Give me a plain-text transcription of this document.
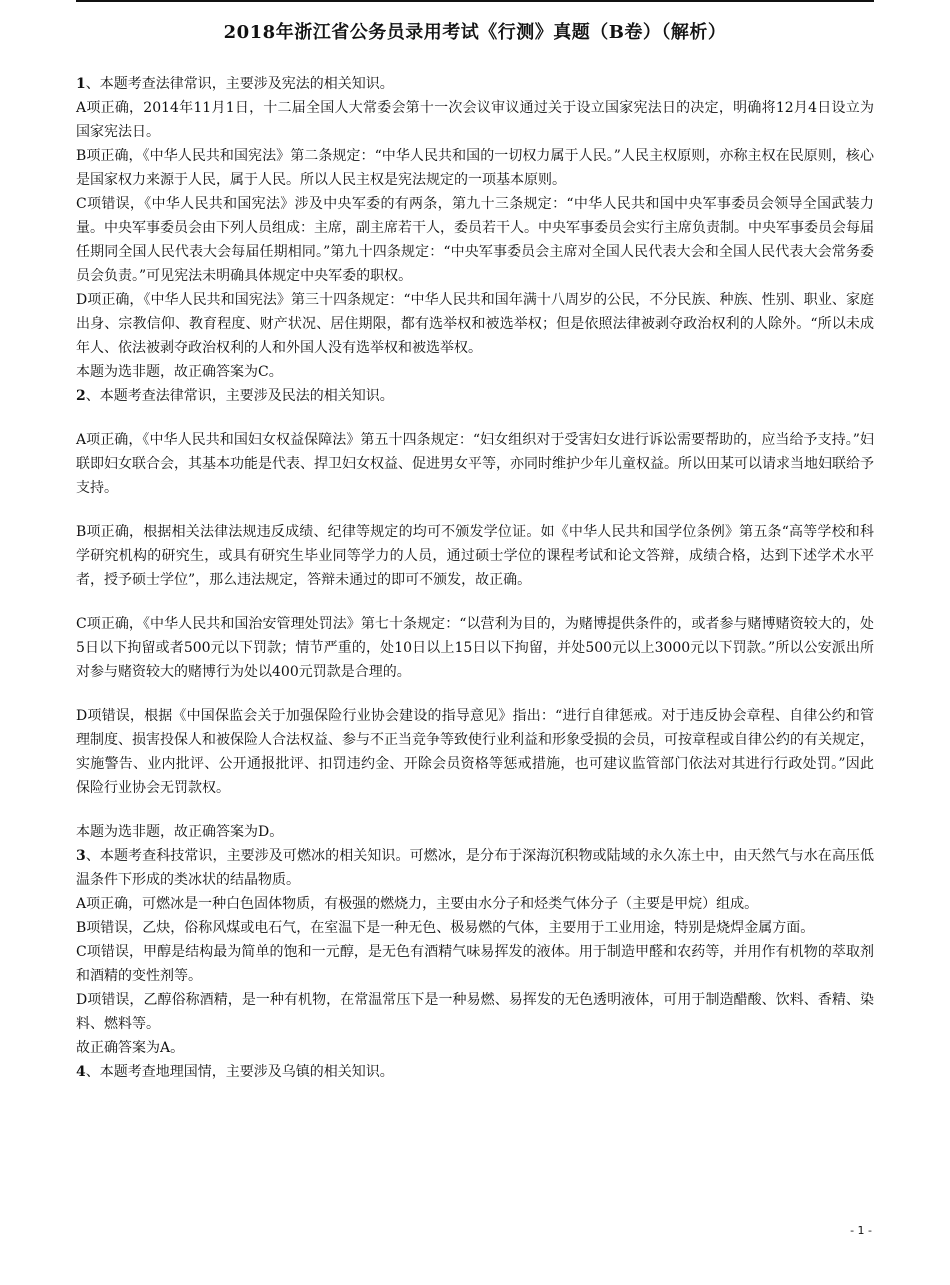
2018年浙江省公务员录用考试《行测》真题（B卷）（解析）

1、本题考查法律常识，主要涉及宪法的相关知识。

A项正确，2014年11月1日，十二届全国人大常委会第十一次会议审议通过关于设立国家宪法日的决定，明确将12月4日设立为国家宪法日。

B项正确，《中华人民共和国宪法》第二条规定：“中华人民共和国的一切权力属于人民。”人民主权原则，亦称主权在民原则，核心是国家权力来源于人民，属于人民。所以人民主权是宪法规定的一项基本原则。

C项错误，《中华人民共和国宪法》涉及中央军委的有两条，第九十三条规定：“中华人民共和国中央军事委员会领导全国武装力量。中央军事委员会由下列人员组成：主席，副主席若干人，委员若干人。中央军事委员会实行主席负责制。中央军事委员会每届任期同全国人民代表大会每届任期相同。”第九十四条规定：“中央军事委员会主席对全国人民代表大会和全国人民代表大会常务委员会负责。”可见宪法未明确具体规定中央军委的职权。

D项正确，《中华人民共和国宪法》第三十四条规定：“中华人民共和国年满十八周岁的公民，不分民族、种族、性别、职业、家庭出身、宗教信仰、教育程度、财产状况、居住期限，都有选举权和被选举权；但是依照法律被剥夺政治权利的人除外。“所以未成年人、依法被剥夺政治权利的人和外国人没有选举权和被选举权。

本题为选非题，故正确答案为C。

2、本题考查法律常识，主要涉及民法的相关知识。

A项正确，《中华人民共和国妇女权益保障法》第五十四条规定：“妇女组织对于受害妇女进行诉讼需要帮助的，应当给予支持。”妇联即妇女联合会，其基本功能是代表、捍卫妇女权益、促进男女平等，亦同时维护少年儿童权益。所以田某可以请求当地妇联给予支持。

B项正确，根据相关法律法规违反成绩、纪律等规定的均可不颁发学位证。如《中华人民共和国学位条例》第五条“高等学校和科学研究机构的研究生，或具有研究生毕业同等学力的人员，通过硕士学位的课程考试和论文答辩，成绩合格，达到下述学术水平者，授予硕士学位”，那么违法规定，答辩未通过的即可不颁发，故正确。

C项正确，《中华人民共和国治安管理处罚法》第七十条规定：“以营利为目的，为赌博提供条件的，或者参与赌博赌资较大的，处5日以下拘留或者500元以下罚款；情节严重的，处10日以上15日以下拘留，并处500元以上3000元以下罚款。”所以公安派出所对参与赌资较大的赌博行为处以400元罚款是合理的。

D项错误，根据《中国保监会关于加强保险行业协会建设的指导意见》指出：“进行自律惩戒。对于违反协会章程、自律公约和管理制度、损害投保人和被保险人合法权益、参与不正当竞争等致使行业利益和形象受损的会员，可按章程或自律公约的有关规定，实施警告、业内批评、公开通报批评、扣罚违约金、开除会员资格等惩戒措施，也可建议监管部门依法对其进行行政处罚。”因此保险行业协会无罚款权。

本题为选非题，故正确答案为D。

3、本题考查科技常识，主要涉及可燃冰的相关知识。可燃冰，是分布于深海沉积物或陆域的永久冻土中，由天然气与水在高压低温条件下形成的类冰状的结晶物质。

A项正确，可燃冰是一种白色固体物质，有极强的燃烧力，主要由水分子和烃类气体分子（主要是甲烷）组成。

B项错误，乙炔，俗称风煤或电石气，在室温下是一种无色、极易燃的气体，主要用于工业用途，特别是烧焊金属方面。

C项错误，甲醇是结构最为简单的饱和一元醇，是无色有酒精气味易挥发的液体。用于制造甲醛和农药等，并用作有机物的萃取剂和酒精的变性剂等。

D项错误，乙醇俗称酒精，是一种有机物，在常温常压下是一种易燃、易挥发的无色透明液体，可用于制造醋酸、饮料、香精、染料、燃料等。

故正确答案为A。

4、本题考查地理国情，主要涉及乌镇的相关知识。

- 1 -
